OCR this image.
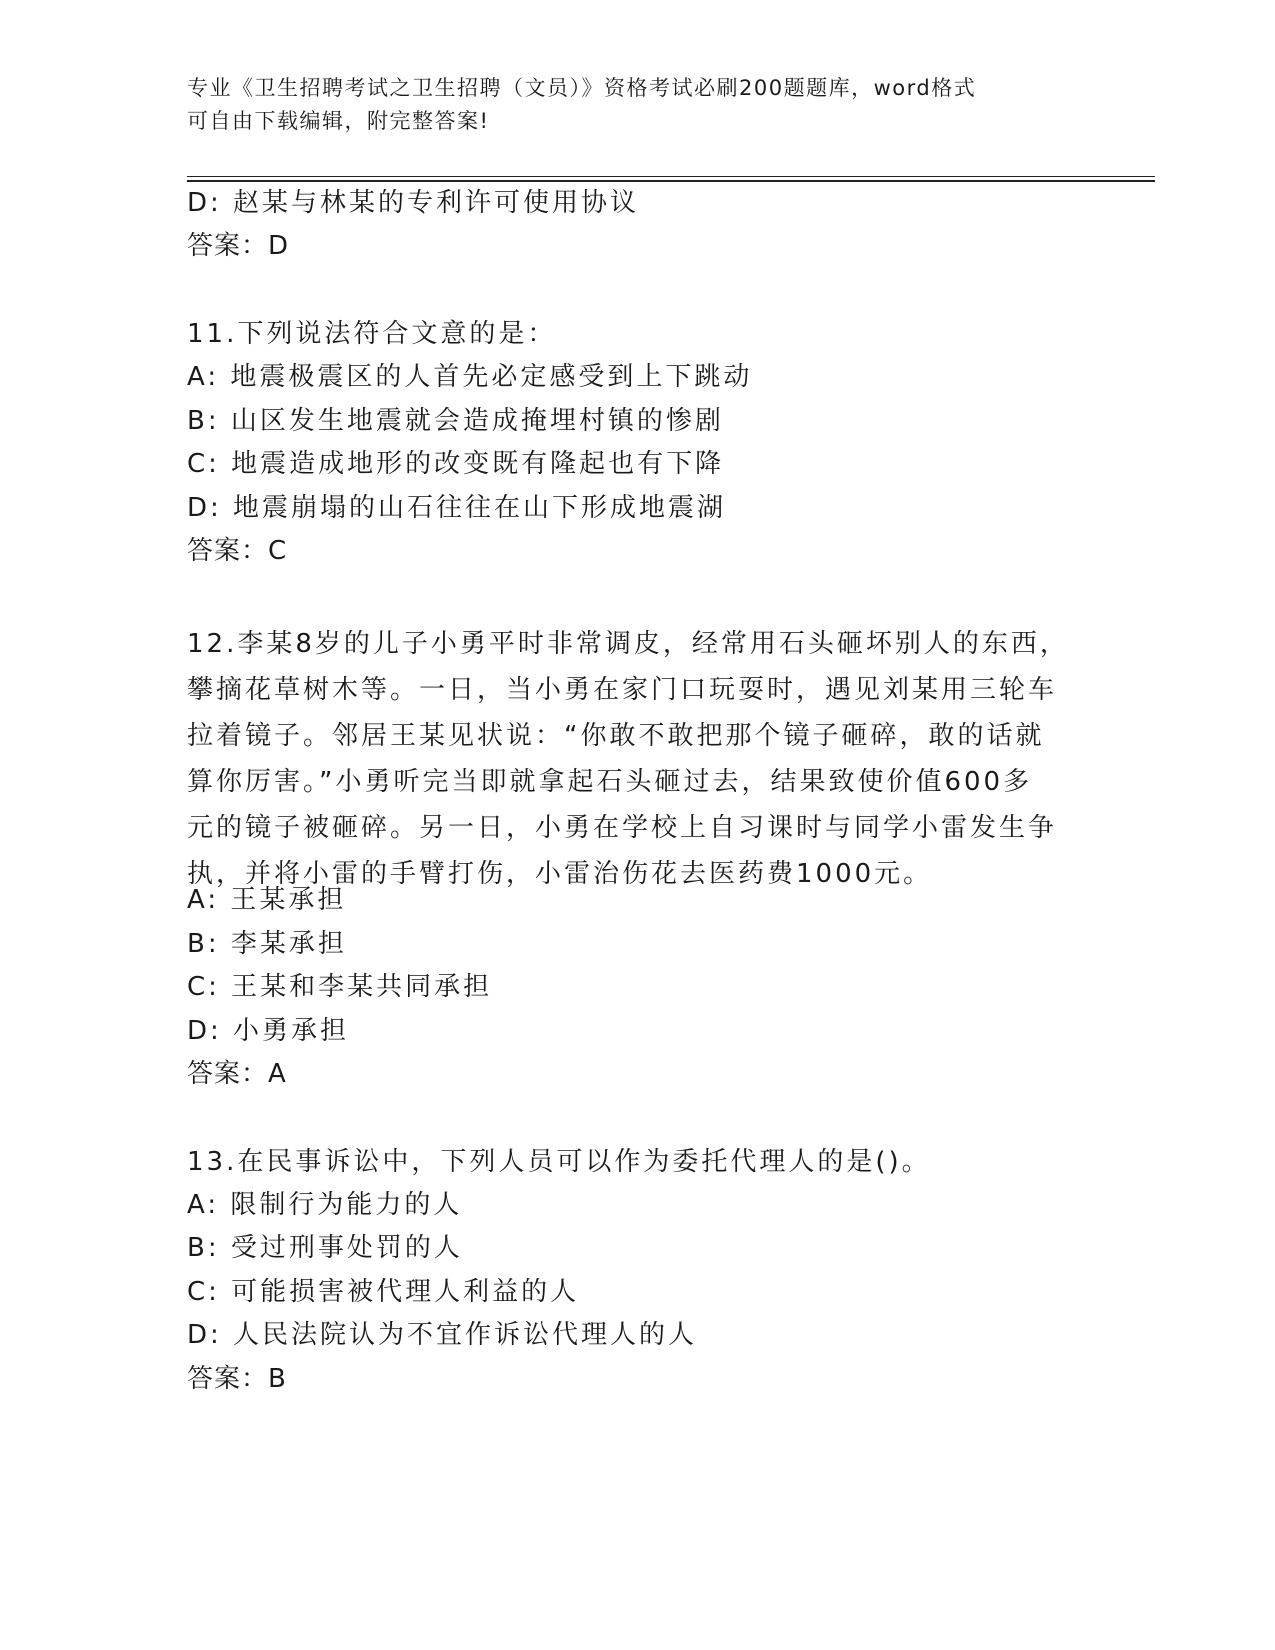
专业《卫生招聘考试之卫生招聘（文员）》资格考试必刷200题题库，word格式
可自由下载编辑，附完整答案!
D: 赵某与林某的专利许可使用协议
答案：D
11.下列说法符合文意的是：
A: 地震极震区的人首先必定感受到上下跳动
B: 山区发生地震就会造成掩埋村镇的惨剧
C: 地震造成地形的改变既有隆起也有下降
D: 地震崩塌的山石往往在山下形成地震湖
答案：C
12.李某8岁的儿子小勇平时非常调皮，经常用石头砸坏别人的东西，
攀摘花草树木等。一日，当小勇在家门口玩耍时，遇见刘某用三轮车
拉着镜子。邻居王某见状说：“你敢不敢把那个镜子砸碎，敢的话就
算你厉害。”小勇听完当即就拿起石头砸过去，结果致使价值600多
元的镜子被砸碎。另一日，小勇在学校上自习课时与同学小雷发生争
执，并将小雷的手臂打伤，小雷治伤花去医药费1000元。
A: 王某承担
B: 李某承担
C: 王某和李某共同承担
D: 小勇承担
答案：A
13.在民事诉讼中，下列人员可以作为委托代理人的是()。
A: 限制行为能力的人
B: 受过刑事处罚的人
C: 可能损害被代理人利益的人
D: 人民法院认为不宜作诉讼代理人的人
答案：B
